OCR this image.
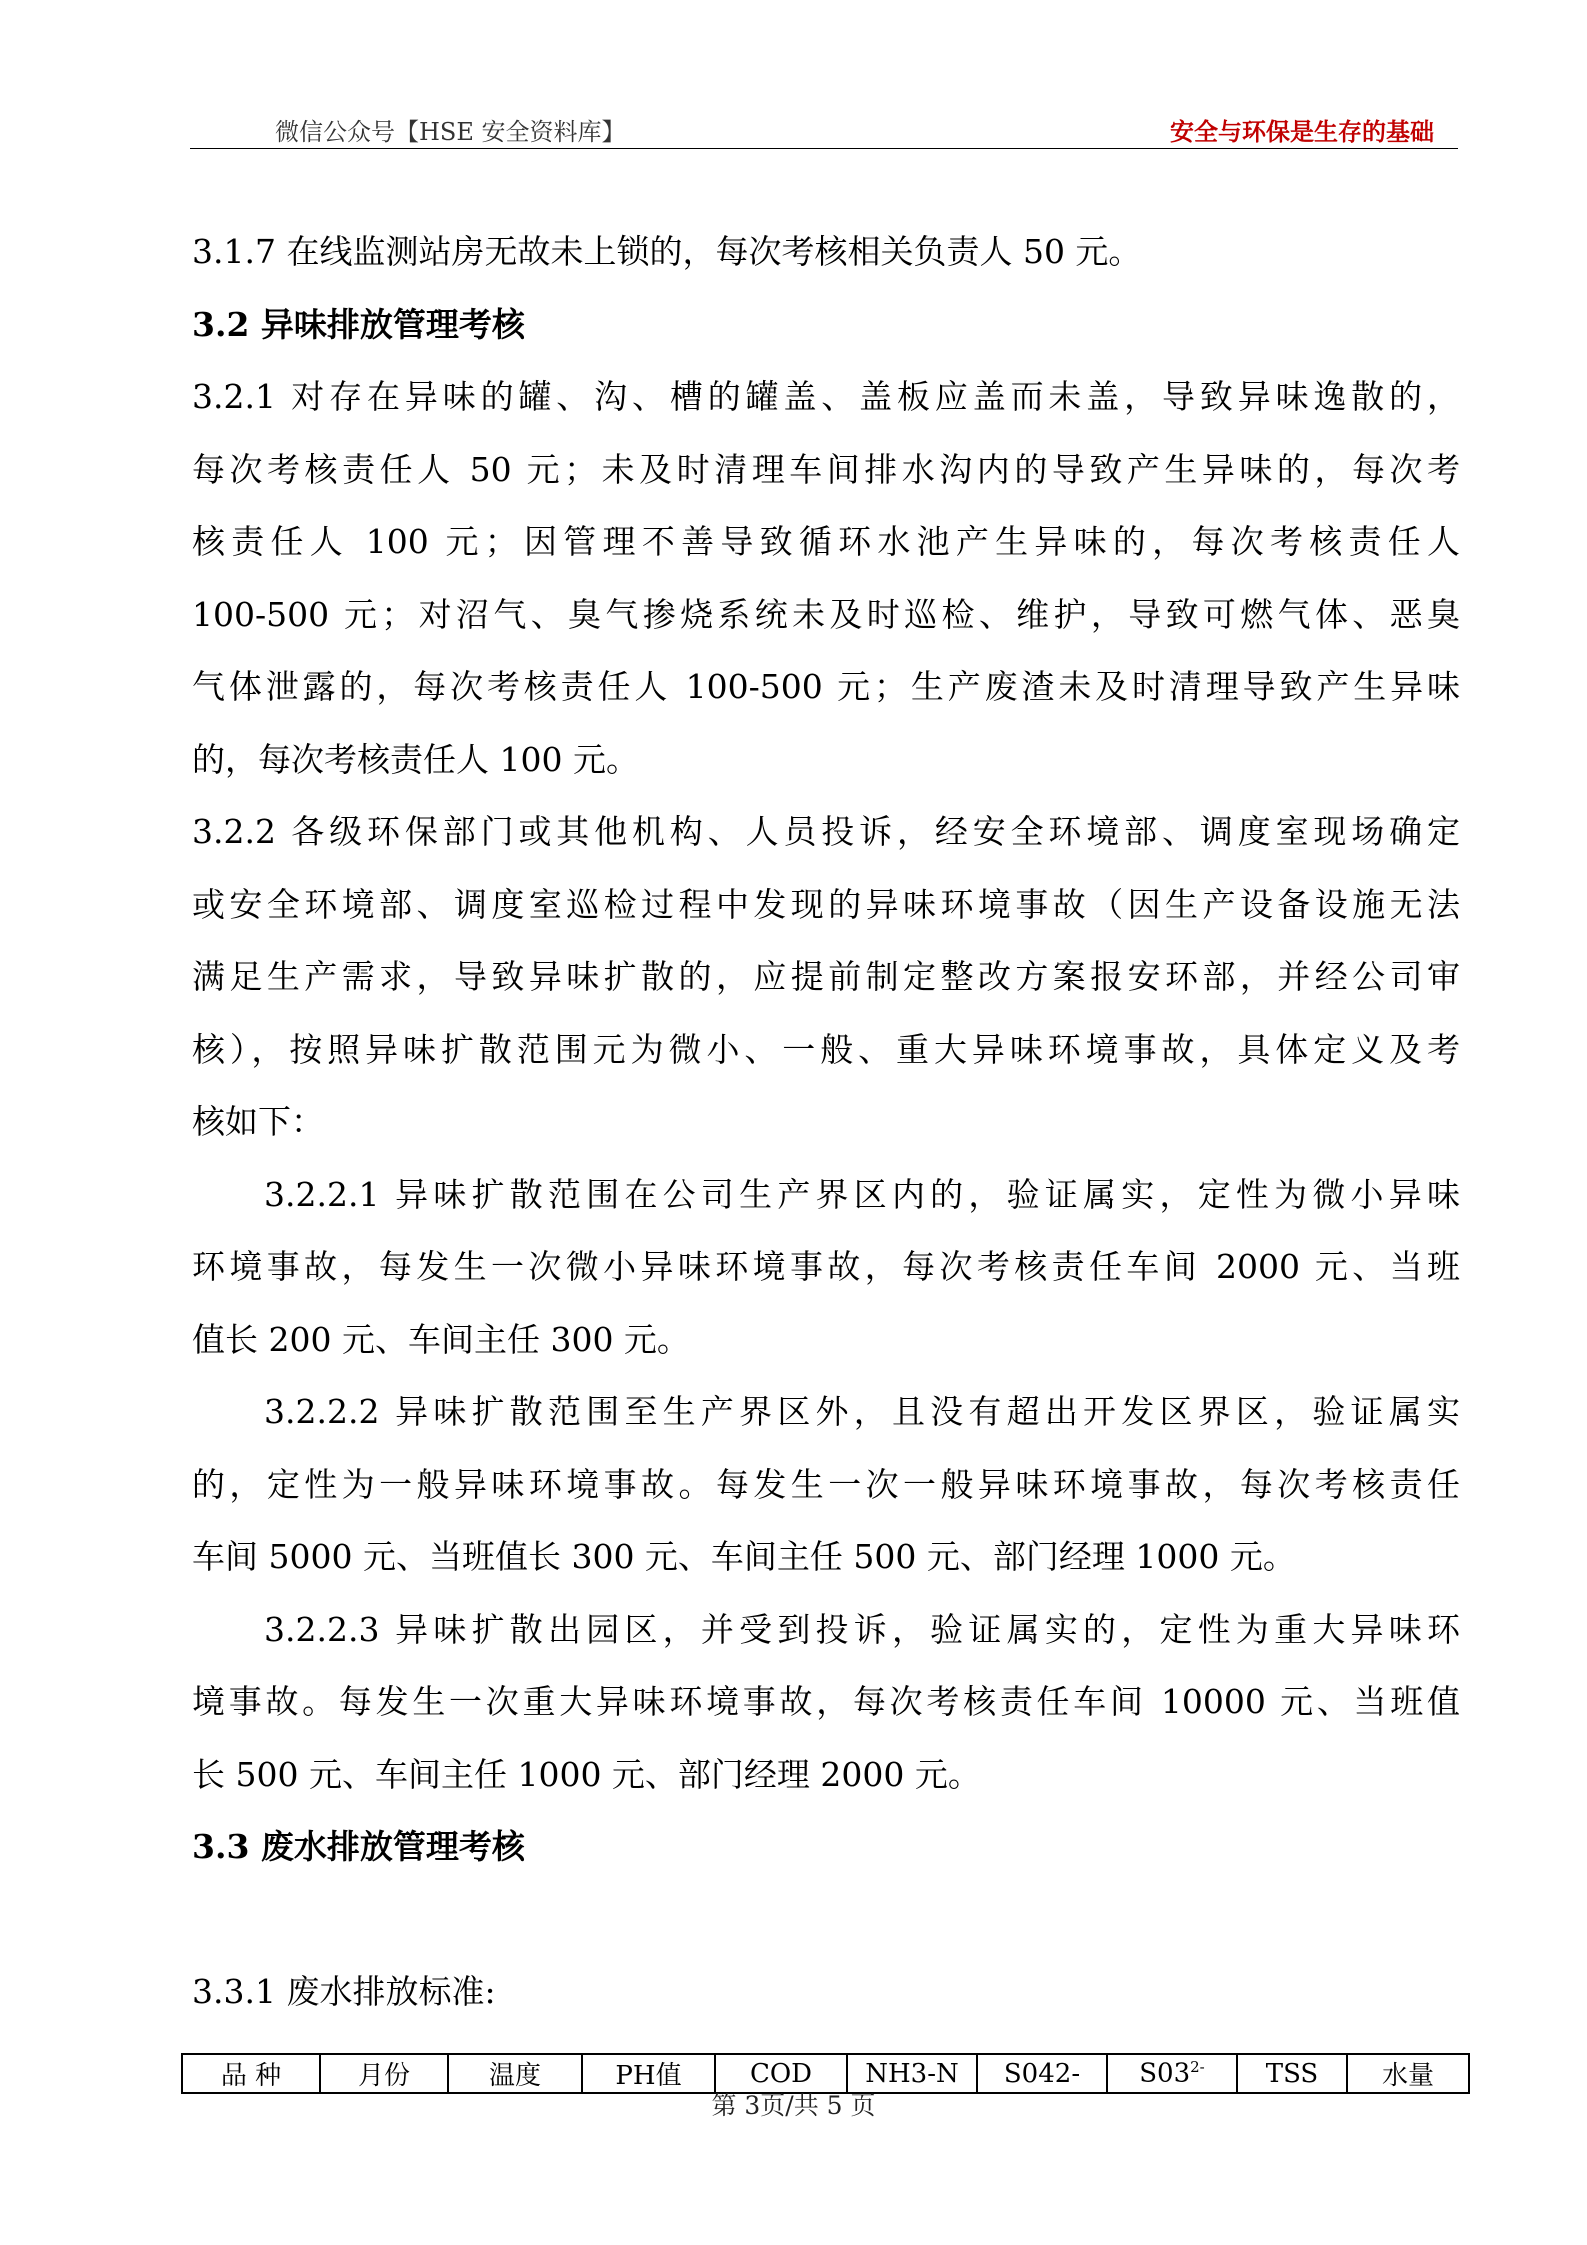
微信公众号【HSE 安全资料库】	安全与环保是生存的基础
3.1.7 在线监测站房无故未上锁的，每次考核相关负责人 50 元。
3.2 异味排放管理考核
3.2.1 对存在异味的罐、沟、槽的罐盖、盖板应盖而未盖，导致异味逸散的，
每次考核责任人 50 元；未及时清理车间排水沟内的导致产生异味的，每次考
核责任人 100 元；因管理不善导致循环水池产生异味的，每次考核责任人
100-500 元；对沼气、臭气掺烧系统未及时巡检、维护，导致可燃气体、恶臭
气体泄露的，每次考核责任人 100-500 元；生产废渣未及时清理导致产生异味
的，每次考核责任人 100 元。
3.2.2 各级环保部门或其他机构、人员投诉，经安全环境部、调度室现场确定
或安全环境部、调度室巡检过程中发现的异味环境事故（因生产设备设施无法
满足生产需求，导致异味扩散的，应提前制定整改方案报安环部，并经公司审
核），按照异味扩散范围元为微小、一般、重大异味环境事故，具体定义及考
核如下：
3.2.2.1 异味扩散范围在公司生产界区内的，验证属实，定性为微小异味
环境事故，每发生一次微小异味环境事故，每次考核责任车间 2000 元、当班
值长 200 元、车间主任 300 元。
3.2.2.2 异味扩散范围至生产界区外，且没有超出开发区界区，验证属实
的，定性为一般异味环境事故。每发生一次一般异味环境事故，每次考核责任
车间 5000 元、当班值长 300 元、车间主任 500 元、部门经理 1000 元。
3.2.2.3 异味扩散出园区，并受到投诉，验证属实的，定性为重大异味环
境事故。每发生一次重大异味环境事故，每次考核责任车间 10000 元、当班值
长 500 元、车间主任 1000 元、部门经理 2000 元。
3.3 废水排放管理考核
3.3.1 废水排放标准:
品 种	月份	温度	PH值	COD	NH3-N	S042-	$S03^{2-}$	TSS	水量
第 3页/共 5 页
